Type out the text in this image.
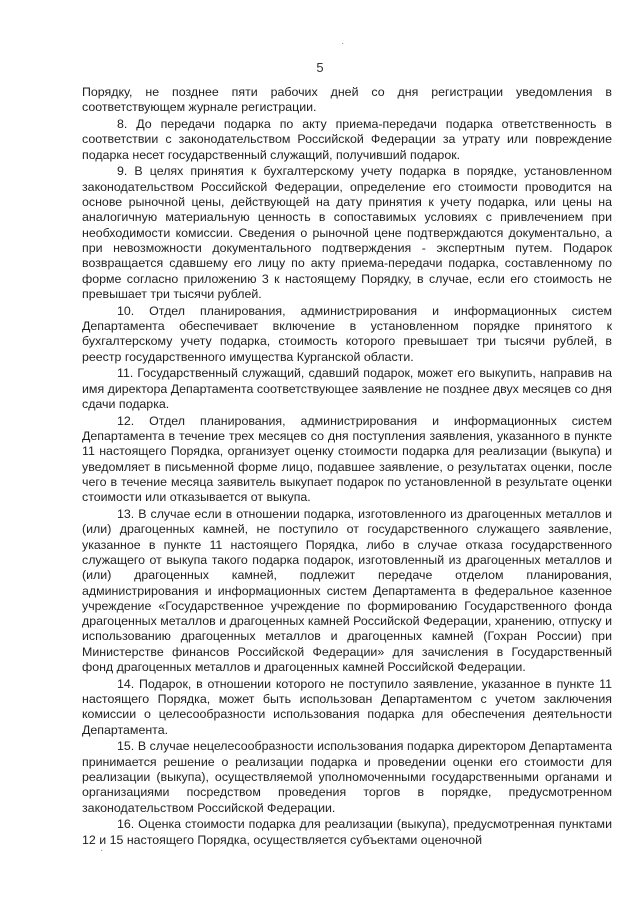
·
·
5

Порядку, не позднее пяти рабочих дней со дня регистрации уведомления в соответствующем журнале регистрации.

8. До передачи подарка по акту приема-передачи подарка ответственность в соответствии с законодательством Российской Федерации за утрату или повреждение подарка несет государственный служащий, получивший подарок.

9. В целях принятия к бухгалтерскому учету подарка в порядке, установленном законодательством Российской Федерации, определение его стоимости проводится на основе рыночной цены, действующей на дату принятия к учету подарка, или цены на аналогичную материальную ценность в сопоставимых условиях с привлечением при необходимости комиссии. Сведения о рыночной цене подтверждаются документально, а при невозможности документального подтверждения - экспертным путем. Подарок возвращается сдавшему его лицу по акту приема-передачи подарка, составленному по форме согласно приложению 3 к настоящему Порядку, в случае, если его стоимость не превышает три тысячи рублей.

10. Отдел планирования, администрирования и информационных систем Департамента обеспечивает включение в установленном порядке принятого к бухгалтерскому учету подарка, стоимость которого превышает три тысячи рублей, в реестр государственного имущества Курганской области.

11. Государственный служащий, сдавший подарок, может его выкупить, направив на имя директора Департамента соответствующее заявление не позднее двух месяцев со дня сдачи подарка.

12. Отдел планирования, администрирования и информационных систем Департамента в течение трех месяцев со дня поступления заявления, указанного в пункте 11 настоящего Порядка, организует оценку стоимости подарка для реализации (выкупа) и уведомляет в письменной форме лицо, подавшее заявление, о результатах оценки, после чего в течение месяца заявитель выкупает подарок по установленной в результате оценки стоимости или отказывается от выкупа.

13. В случае если в отношении подарка, изготовленного из драгоценных металлов и (или) драгоценных камней, не поступило от государственного служащего заявление, указанное в пункте 11 настоящего Порядка, либо в случае отказа государственного служащего от выкупа такого подарка подарок, изготовленный из драгоценных металлов и (или) драгоценных камней, подлежит передаче отделом планирования, администрирования и информационных систем Департамента в федеральное казенное учреждение «Государственное учреждение по формированию Государственного фонда драгоценных металлов и драгоценных камней Российской Федерации, хранению, отпуску и использованию драгоценных металлов и драгоценных камней (Гохран России) при Министерстве финансов Российской Федерации» для зачисления в Государственный фонд драгоценных металлов и драгоценных камней Российской Федерации.

14. Подарок, в отношении которого не поступило заявление, указанное в пункте 11 настоящего Порядка, может быть использован Департаментом с учетом заключения комиссии о целесообразности использования подарка для обеспечения деятельности Департамента.

15. В случае нецелесообразности использования подарка директором Департамента принимается решение о реализации подарка и проведении оценки его стоимости для реализации (выкупа), осуществляемой уполномоченными государственными органами и организациями посредством проведения торгов в порядке, предусмотренном законодательством Российской Федерации.

16. Оценка стоимости подарка для реализации (выкупа), предусмотренная пунктами 12 и 15 настоящего Порядка, осуществляется субъектами оценочной
